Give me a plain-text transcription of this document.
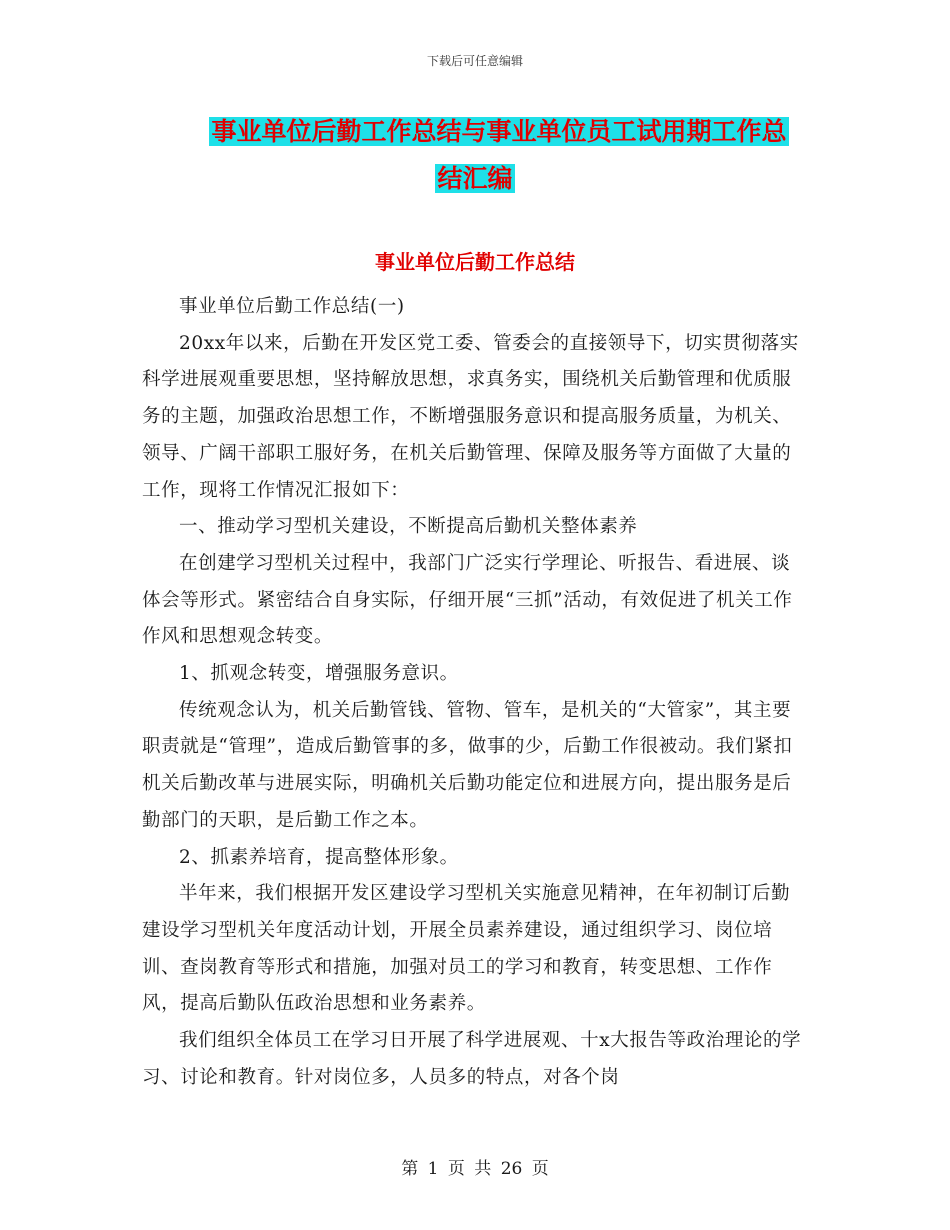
下载后可任意编辑
事业单位后勤工作总结与事业单位员工试用期工作总
结汇编
事业单位后勤工作总结

事业单位后勤工作总结(一)

20xx年以来，后勤在开发区党工委、管委会的直接领导下，切实贯彻落实科学进展观重要思想，坚持解放思想，求真务实，围绕机关后勤管理和优质服务的主题，加强政治思想工作，不断增强服务意识和提高服务质量，为机关、领导、广阔干部职工服好务，在机关后勤管理、保障及服务等方面做了大量的工作，现将工作情况汇报如下：

一、推动学习型机关建设，不断提高后勤机关整体素养

在创建学习型机关过程中，我部门广泛实行学理论、听报告、看进展、谈体会等形式。紧密结合自身实际，仔细开展“三抓”活动，有效促进了机关工作作风和思想观念转变。

1、抓观念转变，增强服务意识。

传统观念认为，机关后勤管钱、管物、管车，是机关的“大管家”，其主要职责就是“管理”，造成后勤管事的多，做事的少，后勤工作很被动。我们紧扣机关后勤改革与进展实际，明确机关后勤功能定位和进展方向，提出服务是后勤部门的天职，是后勤工作之本。

2、抓素养培育，提高整体形象。

半年来，我们根据开发区建设学习型机关实施意见精神，在年初制订后勤建设学习型机关年度活动计划，开展全员素养建设，通过组织学习、岗位培训、查岗教育等形式和措施，加强对员工的学习和教育，转变思想、工作作风，提高后勤队伍政治思想和业务素养。

我们组织全体员工在学习日开展了科学进展观、十x大报告等政治理论的学习、讨论和教育。针对岗位多，人员多的特点，对各个岗

第 1 页 共 26 页
